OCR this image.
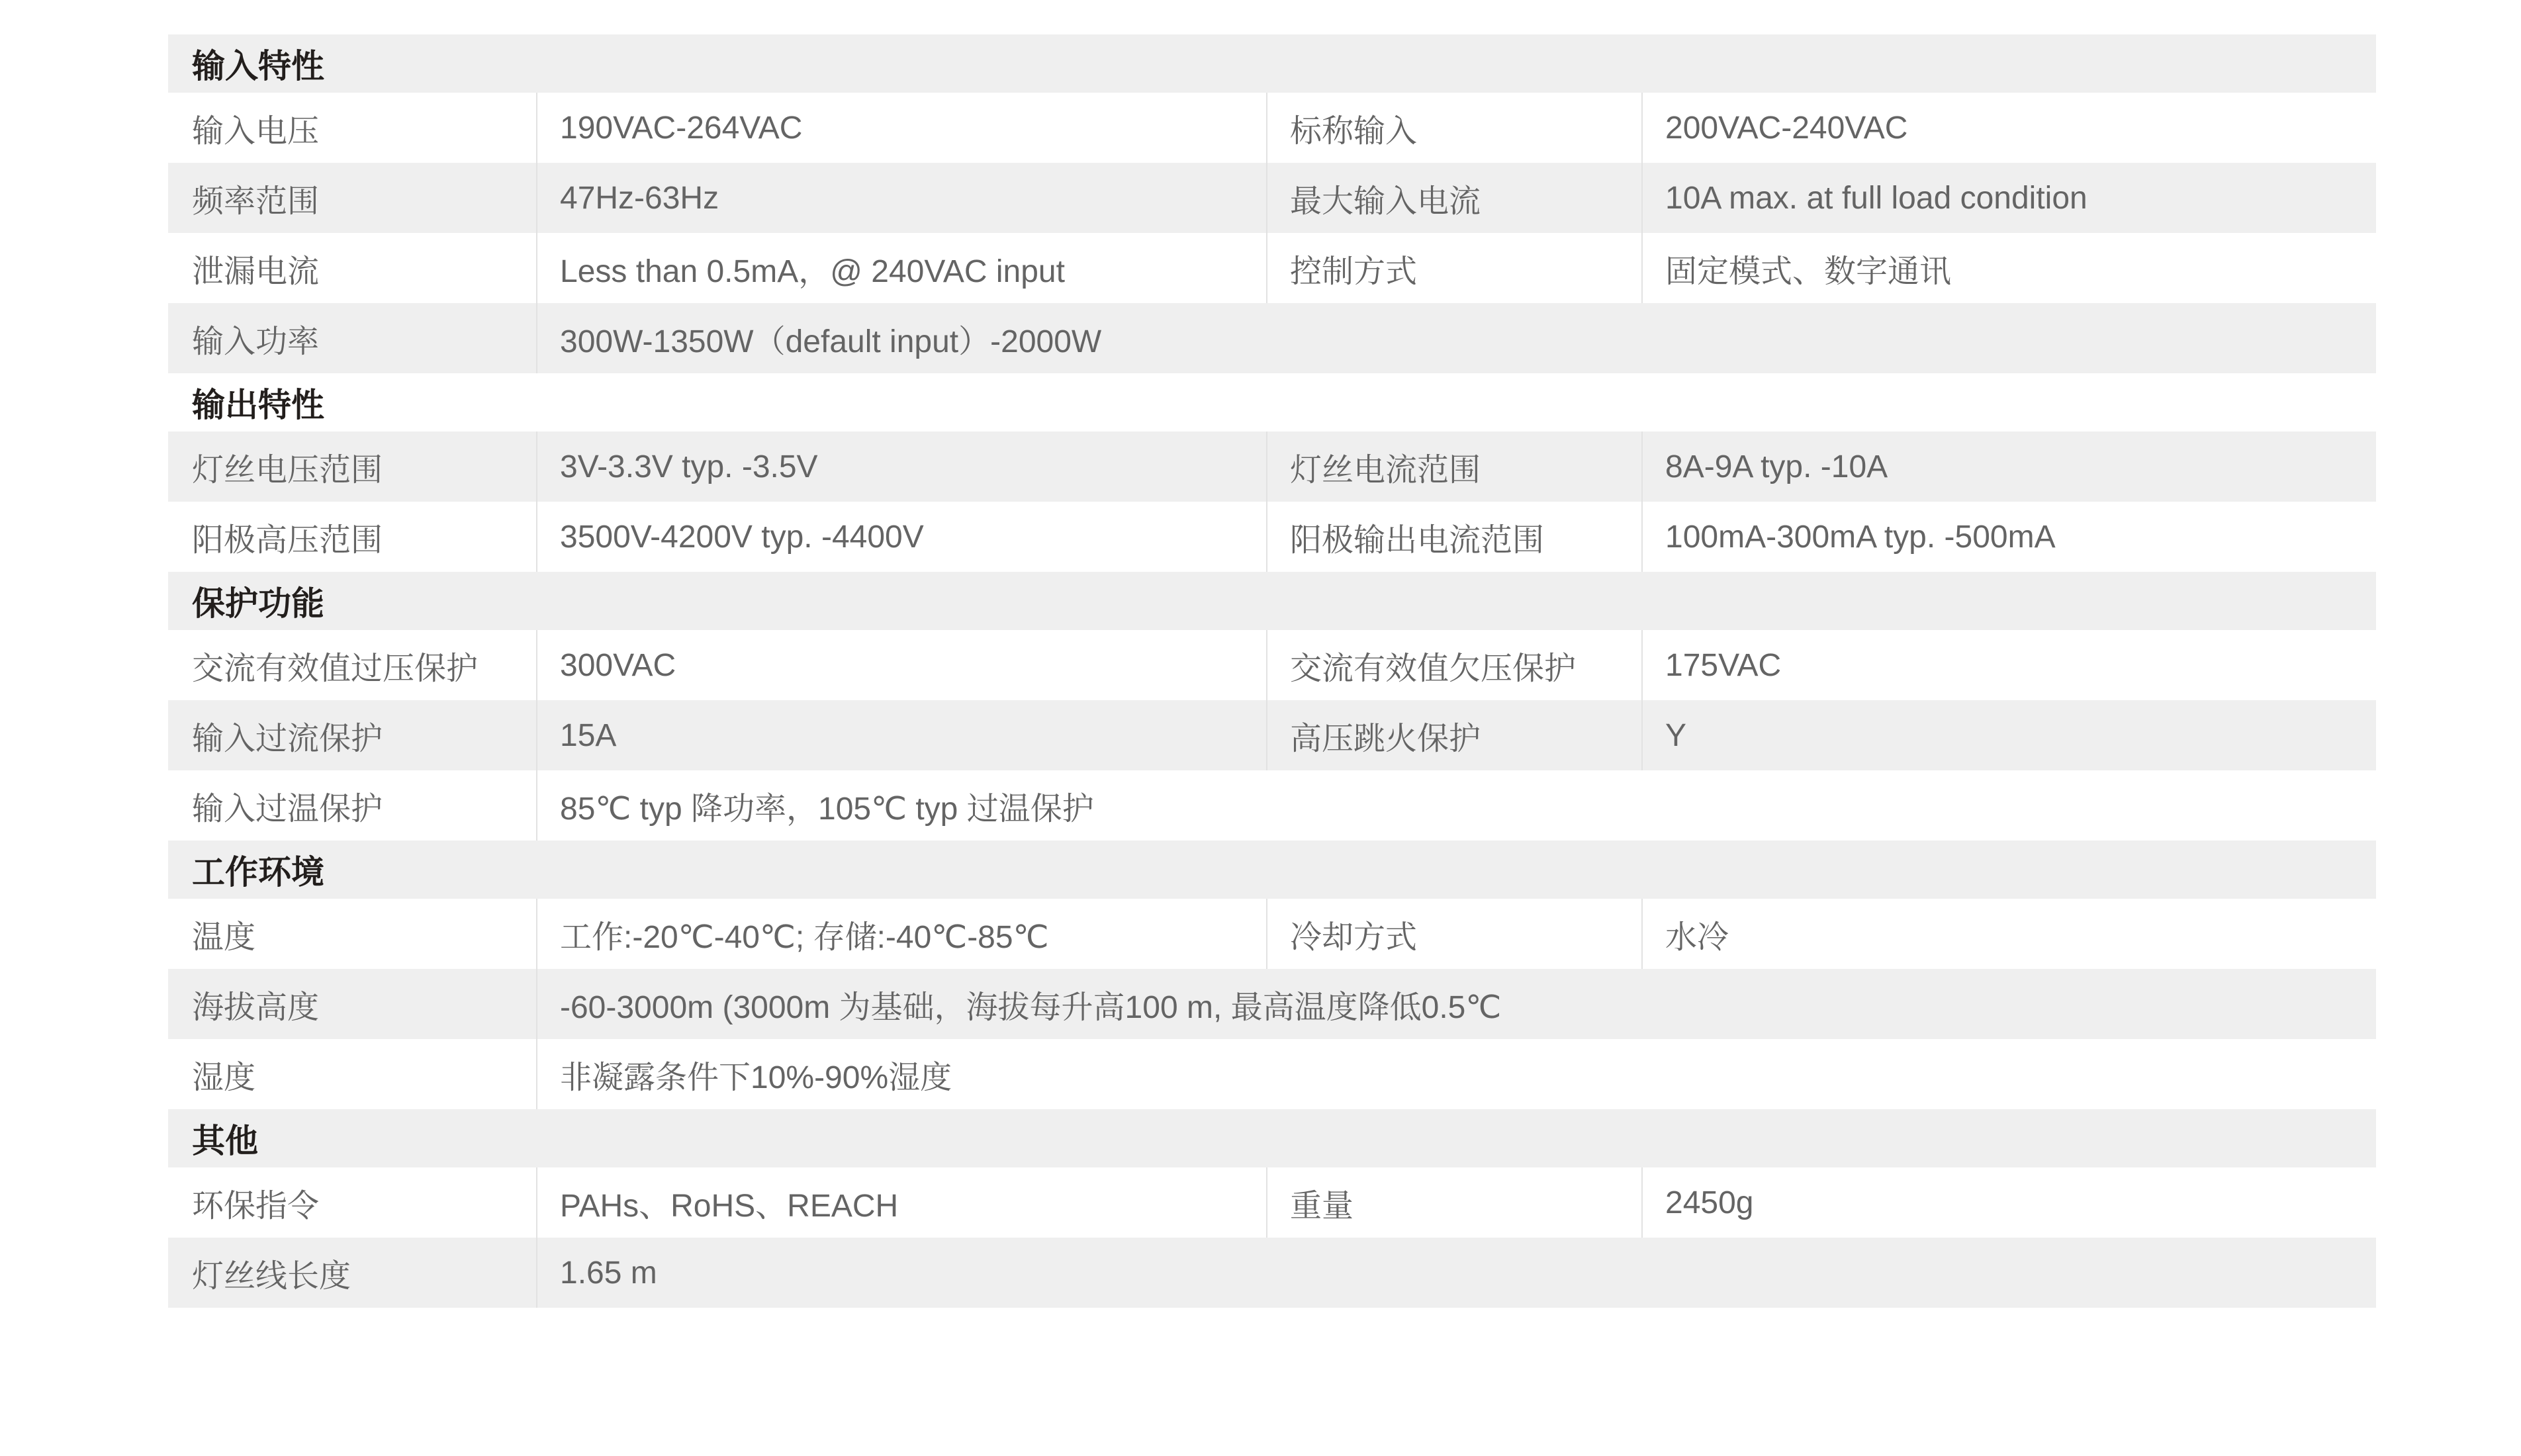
输入特性
输入电压	190VAC-264VAC	标称输入	200VAC-240VAC
频率范围	47Hz-63Hz	最大输入电流	10A max. at full load condition
泄漏电流	Less than 0.5mA，@ 240VAC input	控制方式	固定模式、数字通讯
输入功率	300W-1350W（default input）-2000W
输出特性
灯丝电压范围	3V-3.3V typ. -3.5V	灯丝电流范围	8A-9A typ. -10A
阳极高压范围	3500V-4200V typ. -4400V	阳极输出电流范围	100mA-300mA typ. -500mA
保护功能
交流有效值过压保护	300VAC	交流有效值欠压保护	175VAC
输入过流保护	15A	高压跳火保护	Y
输入过温保护	85℃ typ 降功率，105℃ typ 过温保护
工作环境
温度	工作:-20℃-40℃; 存储:-40℃-85℃	冷却方式	水冷
海拔高度	-60-3000m (3000m 为基础，海拔每升高100 m, 最高温度降低0.5℃
湿度	非凝露条件下10%-90%湿度
其他
环保指令	PAHs、RoHS、REACH	重量	2450g
灯丝线长度	1.65 m
